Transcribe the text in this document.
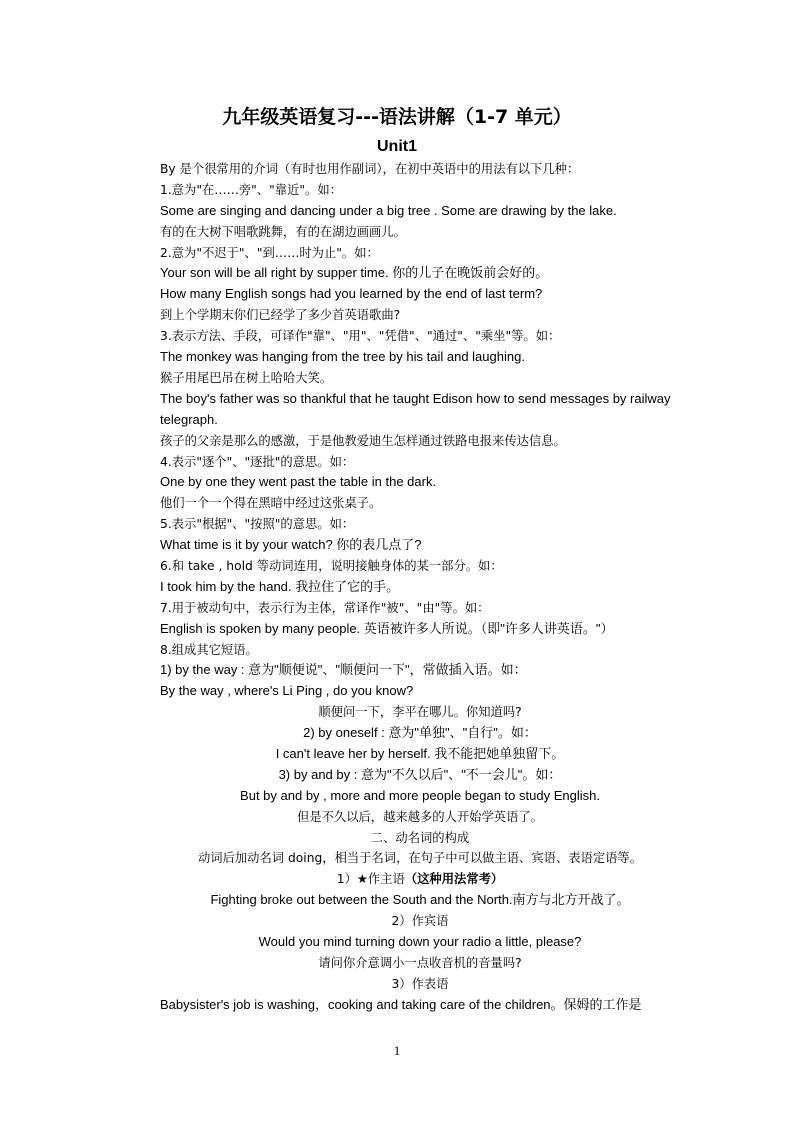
九年级英语复习---语法讲解（1-7 单元）
Unit1
By 是个很常用的介词（有时也用作副词），在初中英语中的用法有以下几种：
1.意为"在……旁"、"靠近"。如：
Some are singing and dancing under a big tree . Some are drawing by the lake.
有的在大树下唱歌跳舞，有的在湖边画画儿。
2.意为"不迟于"、"到……时为止"。如：
Your son will be all right by supper time. 你的儿子在晚饭前会好的。
How many English songs had you learned by the end of last term?
到上个学期末你们已经学了多少首英语歌曲?
3.表示方法、手段，可译作"靠"、"用"、"凭借"、"通过"、"乘坐"等。如：
The monkey was hanging from the tree by his tail and laughing.
猴子用尾巴吊在树上哈哈大笑。
The boy's father was so thankful that he taught Edison how to send messages by railway telegraph.
孩子的父亲是那么的感激，于是他教爱迪生怎样通过铁路电报来传达信息。
4.表示"逐个"、"逐批"的意思。如：
One by one they went past the table in the dark.
他们一个一个得在黑暗中经过这张桌子。
5.表示"根据"、"按照"的意思。如：
What time is it by your watch? 你的表几点了?
6.和 take , hold 等动词连用，说明接触身体的某一部分。如：
I took him by the hand. 我拉住了它的手。
7.用于被动句中，表示行为主体，常译作"被"、"由"等。如：
English is spoken by many people. 英语被许多人所说。（即"许多人讲英语。"）
8.组成其它短语。
1) by the way : 意为"顺便说"、"顺便问一下"，常做插入语。如：
By the way , where's Li Ping , do you know?
顺便问一下，李平在哪儿。你知道吗?
2) by oneself : 意为"单独"、"自行"。如：
I can't leave her by herself. 我不能把她单独留下。
3) by and by : 意为"不久以后"、"不一会儿"。如：
But by and by , more and more people began to study English.
但是不久以后，越来越多的人开始学英语了。
二、动名词的构成
动词后加动名词 doing，相当于名词，在句子中可以做主语、宾语、表语定语等。
1）★作主语（这种用法常考）
Fighting broke out between the South and the North.南方与北方开战了。
2）作宾语
Would you mind turning down your radio a little, please?
请问你介意调小一点收音机的音量吗?
3）作表语
Babysister's job is washing，cooking and taking care of the children。保姆的工作是
1
